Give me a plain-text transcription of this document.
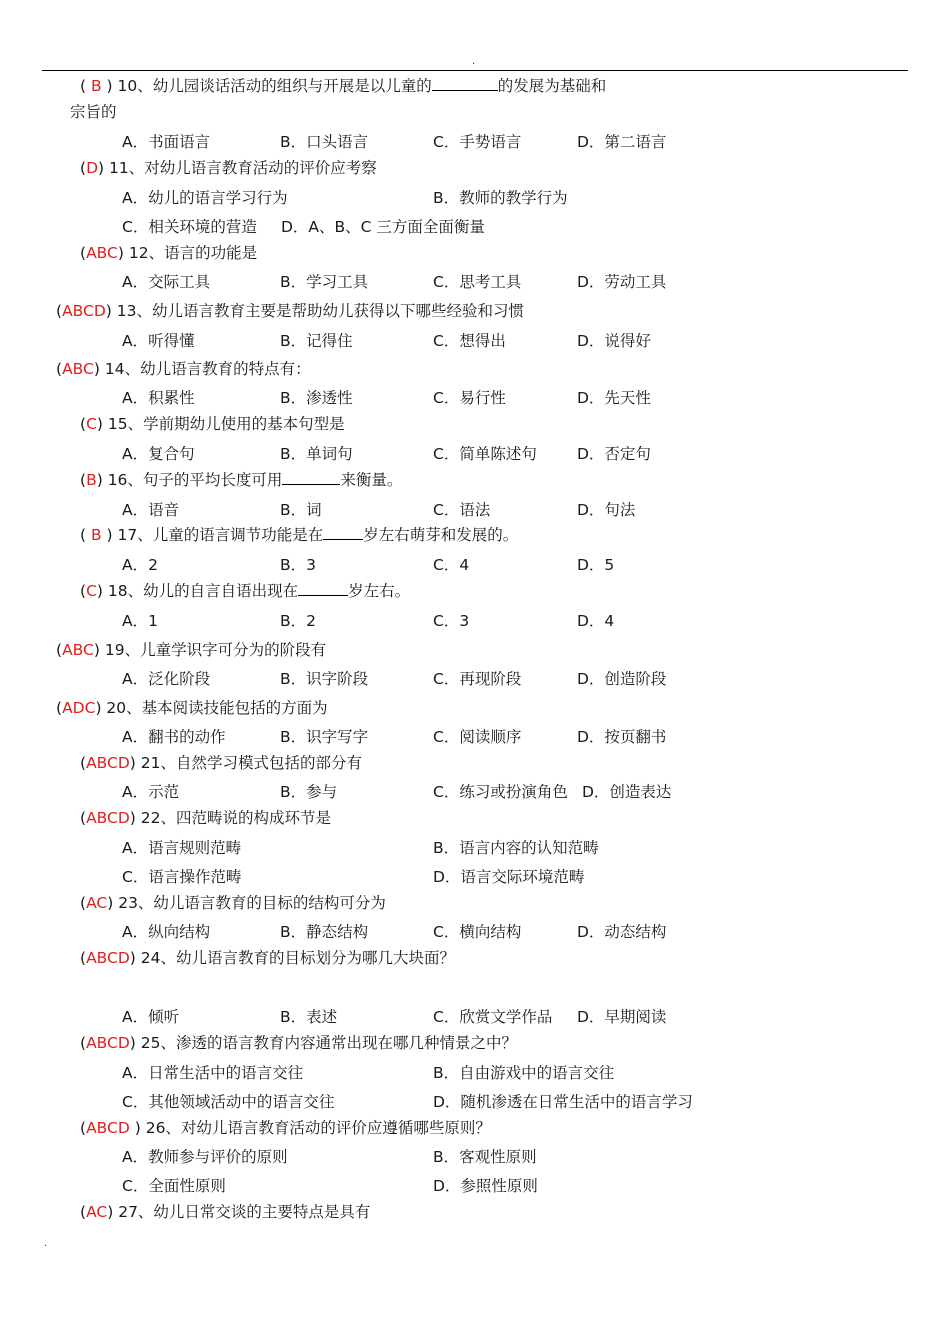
.
( B ) 10、幼儿园谈话活动的组织与开展是以儿童的	的发展为基础和
宗旨的
A．书面语言	B．口头语言	C．手势语言	D．第二语言
(D) 11、对幼儿语言教育活动的评价应考察
A．幼儿的语言学习行为	B．教师的教学行为
C．相关环境的营造 D．A、B、C 三方面全面衡量
(ABC) 12、语言的功能是
A．交际工具	B．学习工具	C．思考工具	D．劳动工具
(ABCD) 13、幼儿语言教育主要是帮助幼儿获得以下哪些经验和习惯
A．听得懂	B．记得住	C．想得出	D．说得好
(ABC) 14、幼儿语言教育的特点有：
A．积累性	B．渗透性	C．易行性	D．先天性
(C) 15、学前期幼儿使用的基本句型是
A．复合句	B．单词句	C．简单陈述句	D．否定句
(B) 16、句子的平均长度可用	来衡量。
A．语音	B．词	C．语法	D．句法
( B ) 17、儿童的语言调节功能是在	岁左右萌芽和发展的。
A．2	B．3	C．4	D．5
(C) 18、幼儿的自言自语出现在	岁左右。
A．1	B．2	C．3	D．4
(ABC) 19、儿童学识字可分为的阶段有
A．泛化阶段	B．识字阶段	C．再现阶段	D．创造阶段
(ADC) 20、基本阅读技能包括的方面为
A．翻书的动作	B．识字写字	C．阅读顺序	D．按页翻书
(ABCD) 21、自然学习模式包括的部分有
A．示范	B．参与	C．练习或扮演角色 D．创造表达
(ABCD) 22、四范畴说的构成环节是
A．语言规则范畴	B．语言内容的认知范畴
C．语言操作范畴	D．语言交际环境范畴
(AC) 23、幼儿语言教育的目标的结构可分为
A．纵向结构	B．静态结构	C．横向结构	D．动态结构
(ABCD) 24、幼儿语言教育的目标划分为哪几大块面？
A．倾听	B．表述	C．欣赏文学作品 D．早期阅读
(ABCD) 25、渗透的语言教育内容通常出现在哪几种情景之中？
A．日常生活中的语言交往	B．自由游戏中的语言交往
C．其他领域活动中的语言交往	D．随机渗透在日常生活中的语言学习
(ABCD ) 26、对幼儿语言教育活动的评价应遵循哪些原则？
A．教师参与评价的原则	B．客观性原则
C．全面性原则	D．参照性原则
(AC) 27、幼儿日常交谈的主要特点是具有
.
